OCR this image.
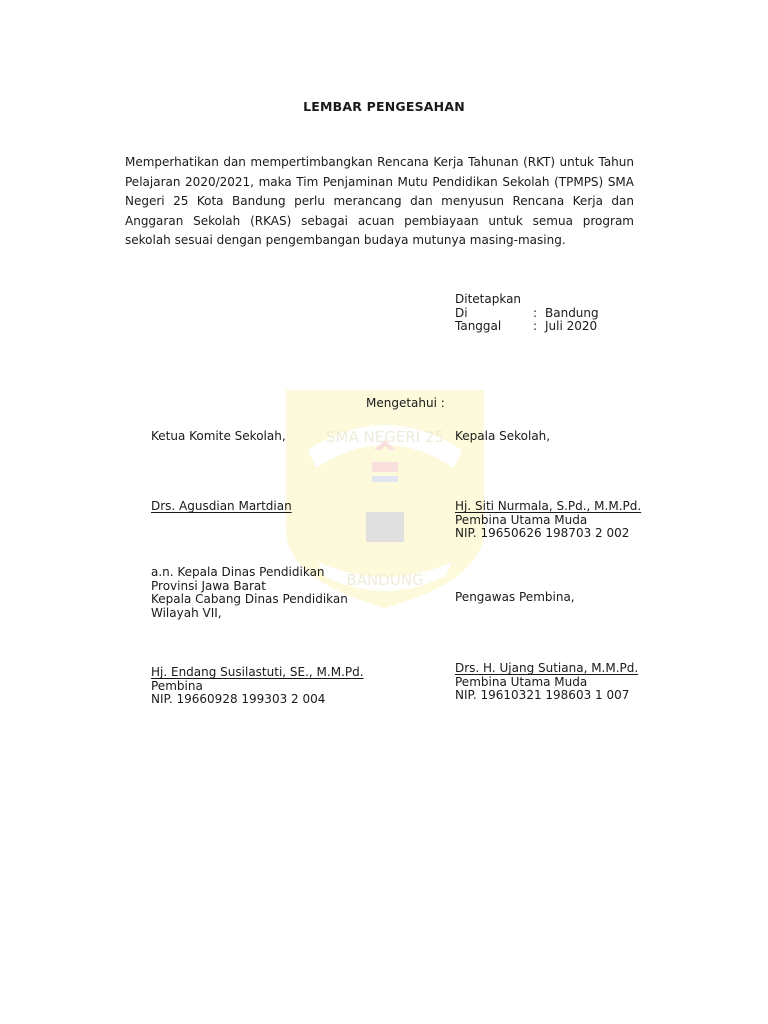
SMA NEGERI 25
BANDUNG
LEMBAR PENGESAHAN
Memperhatikan dan mempertimbangkan Rencana Kerja Tahunan (RKT) untuk Tahun Pelajaran 2020/2021, maka Tim Penjaminan Mutu Pendidikan Sekolah (TPMPS) SMA Negeri 25 Kota Bandung perlu merancang dan menyusun Rencana Kerja dan Anggaran Sekolah (RKAS) sebagai acuan pembiayaan untuk semua program sekolah sesuai dengan pengembangan budaya mutunya masing-masing.
Ditetapkan
Di	: Bandung
Tanggal	: Juli 2020
Mengetahui :
Ketua Komite Sekolah,
Drs. Agusdian Martdian
Kepala Sekolah,
Hj. Siti Nurmala, S.Pd., M.M.Pd.
Pembina Utama Muda
NIP. 19650626 198703 2 002
a.n. Kepala Dinas Pendidikan
Provinsi Jawa Barat
Kepala Cabang Dinas Pendidikan
Wilayah VII,
Hj. Endang Susilastuti, SE., M.M.Pd.
Pembina
NIP. 19660928 199303 2 004
Pengawas Pembina,
Drs. H. Ujang Sutiana, M.M.Pd.
Pembina Utama Muda
NIP. 19610321 198603 1 007
